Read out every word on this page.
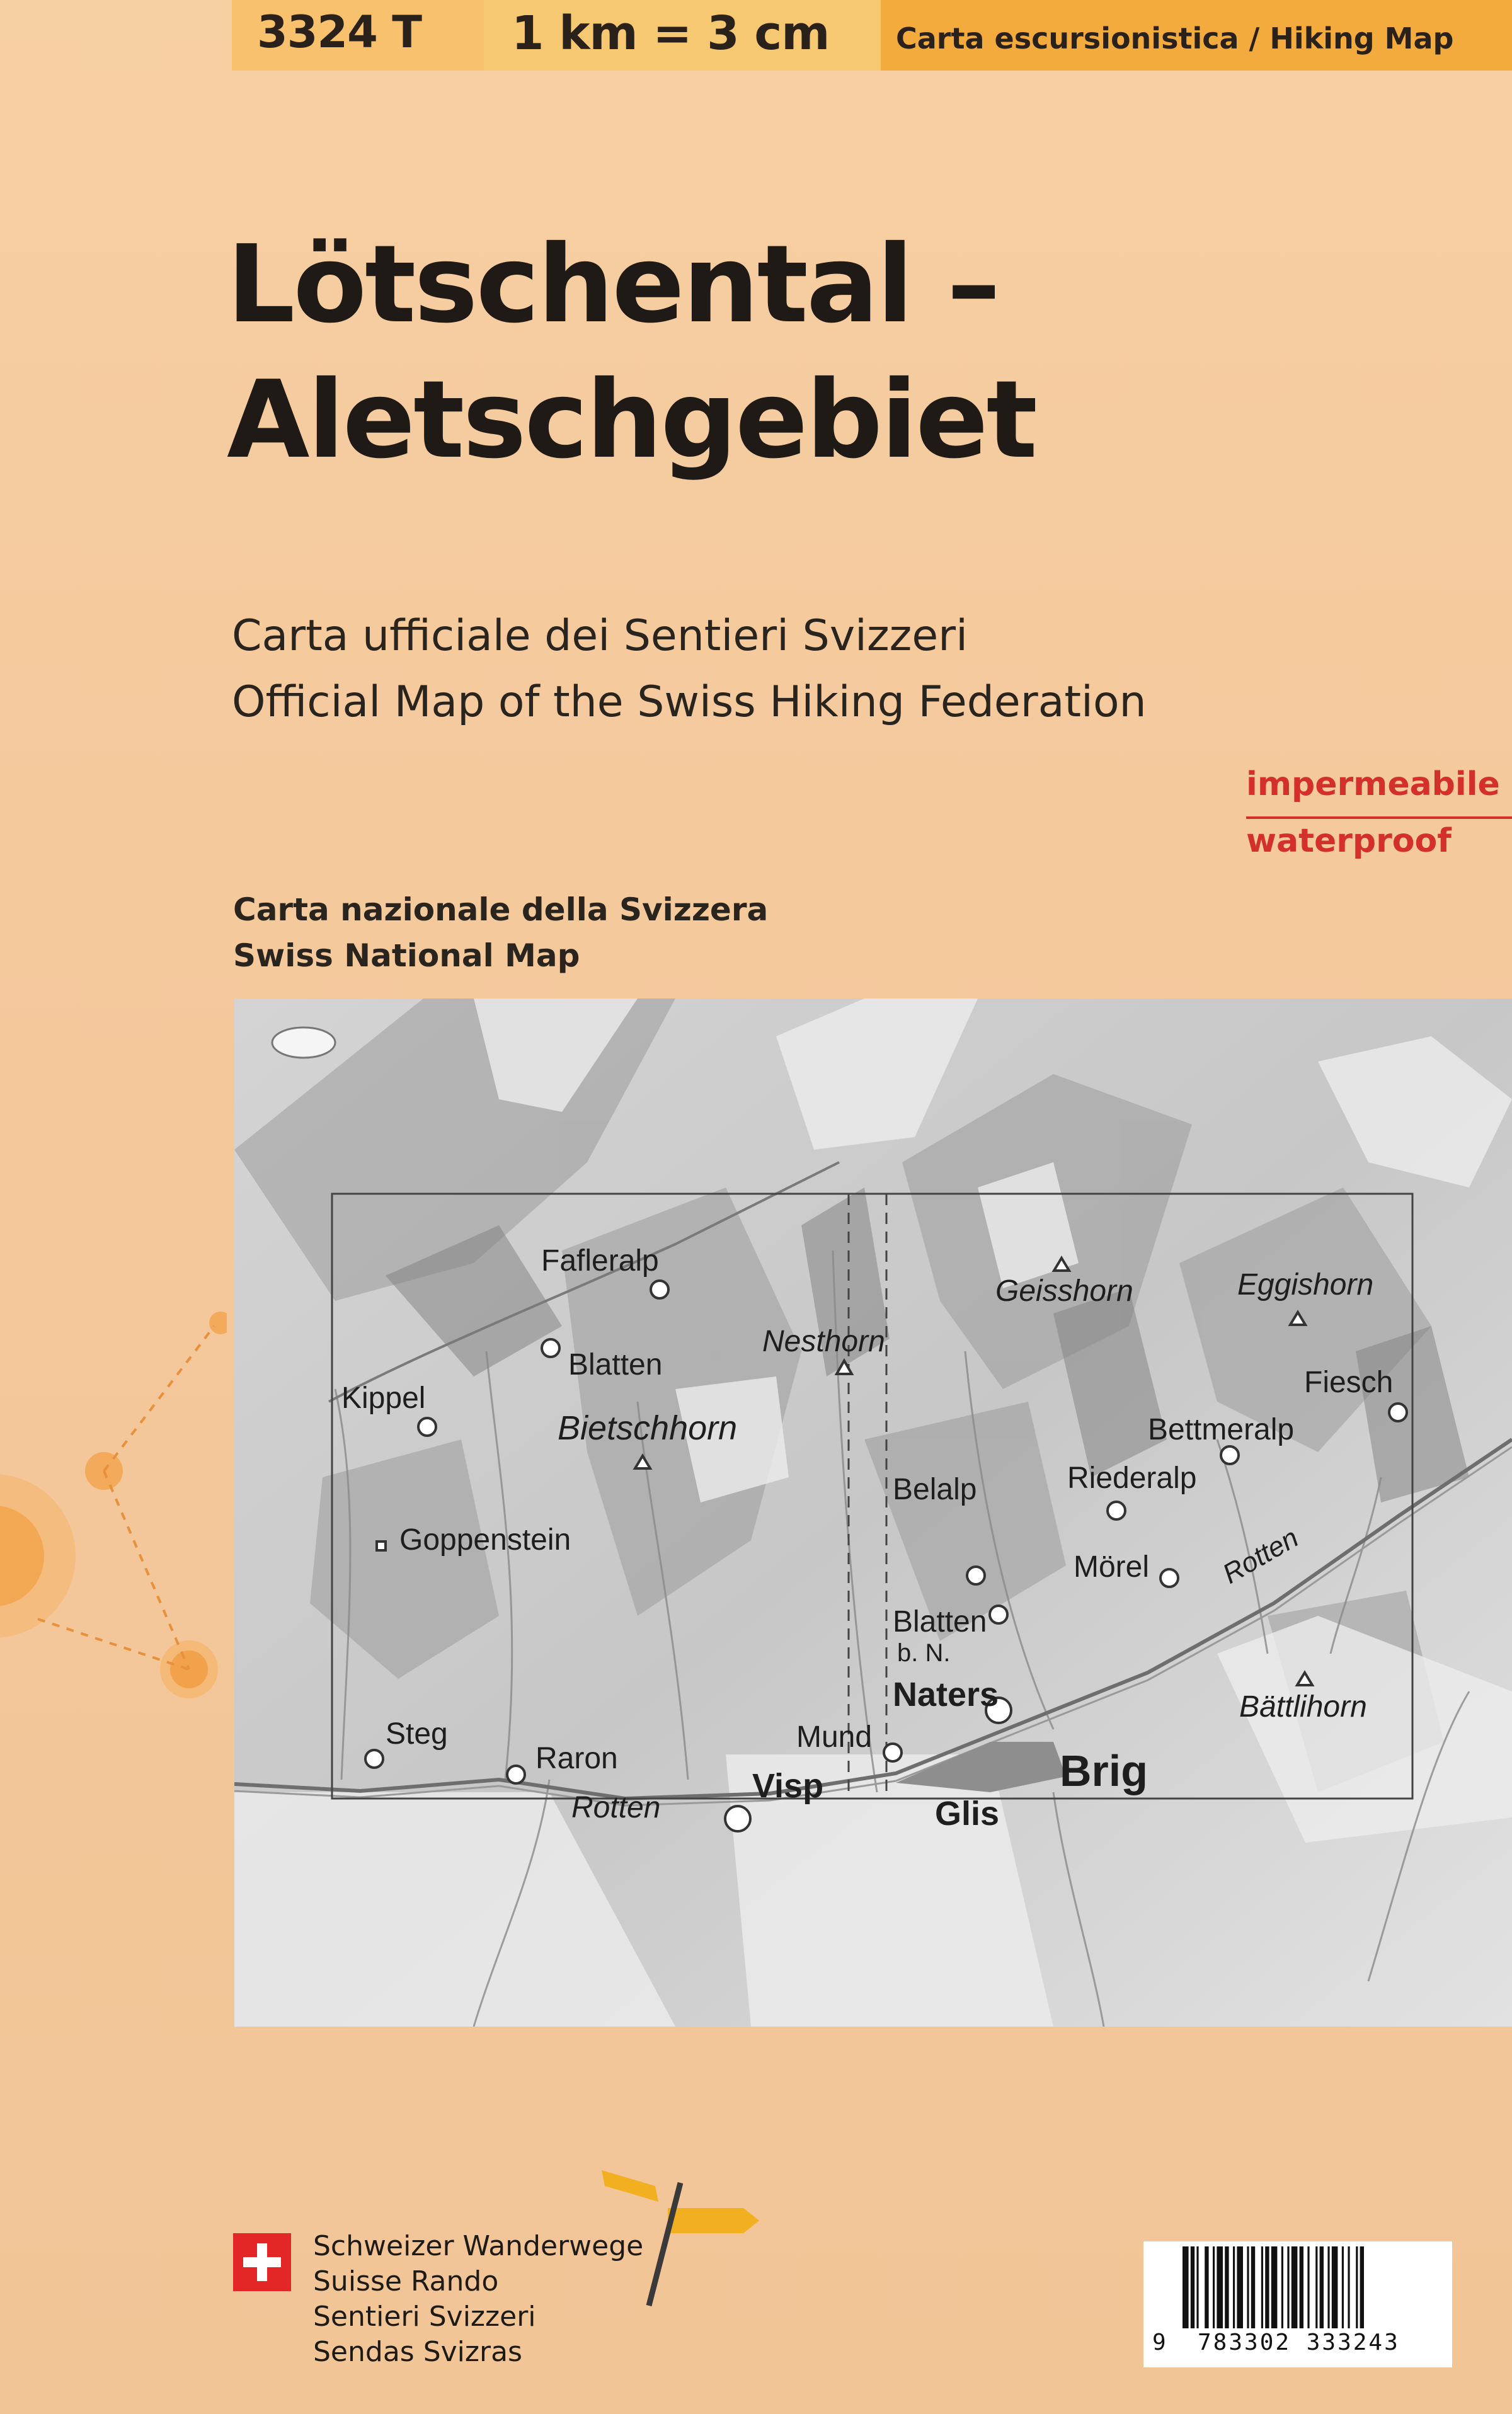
3324 T 1 km = 3 cm Carta escursionistica / Hiking Map
Lötschental –
Aletschgebiet
Carta ufficiale dei Sentieri Svizzeri
Official Map of the Swiss Hiking Federation
impermeabile
waterproof
Carta nazionale della Svizzera
Swiss National Map
Fafleralp
Blatten
Kippel
Bietschhorn
Nesthorn
Goppenstein
Steg
Raron
Rotten
Visp
Mund
Blatten
b. N.
Belalp
Naters
Glis
Brig
Geisshorn	Eggishorn
Fiesch
Bettmeralp
Riederalp
Mörel Rotten
Bättlihorn
Schweizer Wanderwege
Suisse Rando
Sentieri Svizzeri
Sendas Svizras	9 783302 333243
